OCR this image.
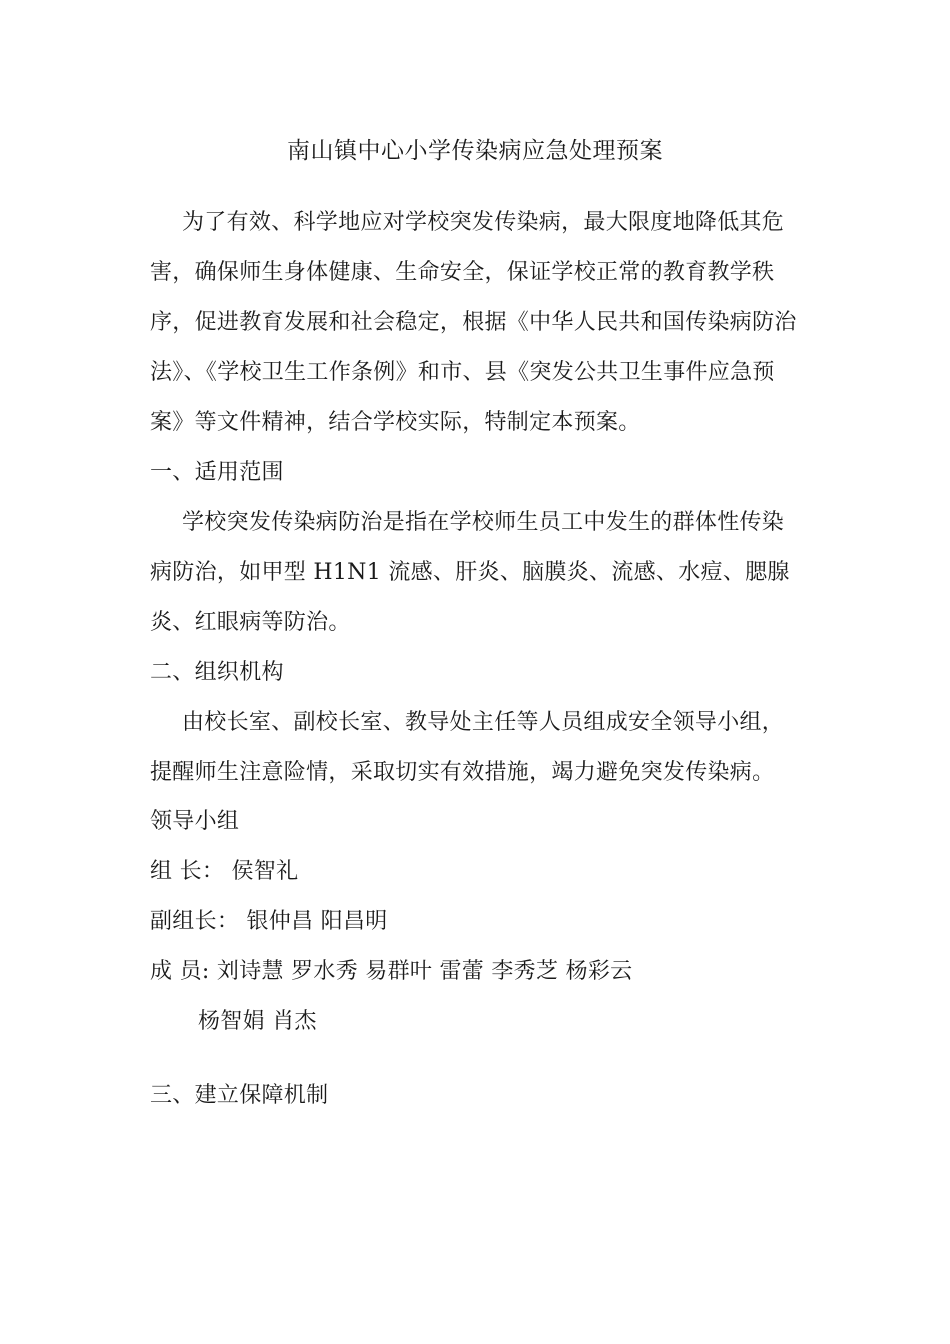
南山镇中心小学传染病应急处理预案
为了有效、科学地应对学校突发传染病，最大限度地降低其危
害，确保师生身体健康、生命安全，保证学校正常的教育教学秩
序，促进教育发展和社会稳定，根据《中华人民共和国传染病防治
法》、《学校卫生工作条例》和市、县《突发公共卫生事件应急预
案》等文件精神，结合学校实际，特制定本预案。
一、适用范围
学校突发传染病防治是指在学校师生员工中发生的群体性传染
病防治，如甲型 H1N1 流感、肝炎、脑膜炎、流感、水痘、腮腺
炎、红眼病等防治。
二、组织机构
由校长室、副校长室、教导处主任等人员组成安全领导小组，
提醒师生注意险情，采取切实有效措施，竭力避免突发传染病。
领导小组
组 长： 侯智礼
副组长： 银仲昌 阳昌明
成 员: 刘诗慧 罗水秀 易群叶 雷蕾 李秀芝 杨彩云
杨智娟 肖杰
三、建立保障机制
